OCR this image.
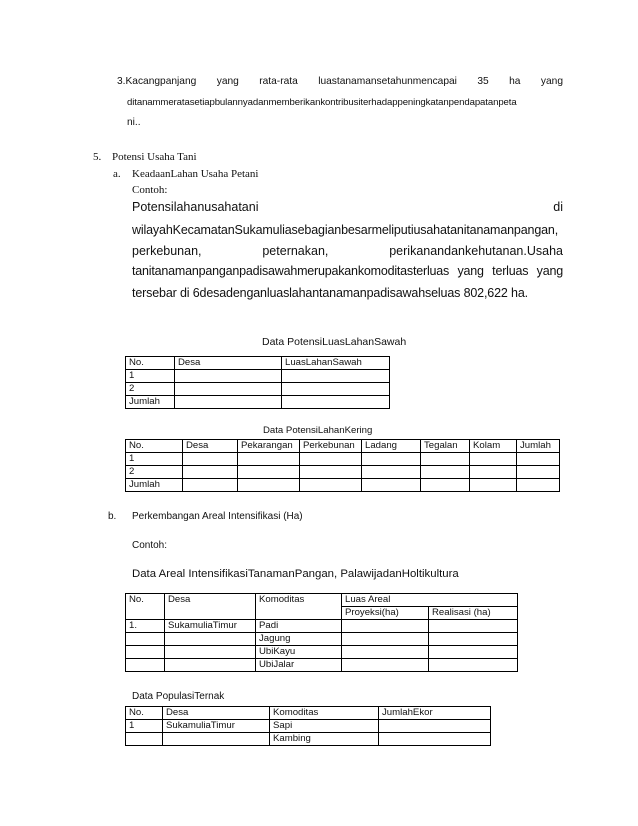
3.Kacangpanjang yang rata-rata luastanamansetahunmencapai 35 ha yang
ditanammeratasetiapbulannyadanmemberikankontribusiterhadappeningkatanpendapatanpeta
ni..
5. Potensi Usaha Tani
a. KeadaanLahan Usaha Petani
Contoh:
Potensilahanusahatani	di
wilayahKecamatanSukamuliasebagianbesarmeliputiusahatanitanamanpangan,
perkebunan,	peternakan,	perikanandankehutanan.Usaha
tanitanamanpanganpadisawahmerupakankomoditasterluas yang terluas yang
tersebar di 6desadenganluaslahantanamanpadisawahseluas 802,622 ha.
Data PotensiLuasLahanSawah
No.	Desa	LuasLahanSawah
1		
2		
Jumlah		
Data PotensiLahanKering
No.	Desa	Pekarangan	Perkebunan	Ladang	Tegalan	Kolam	Jumlah
1							
2							
Jumlah							
b. Perkembangan Areal Intensifikasi (Ha)
Contoh:
Data Areal IntensifikasiTanamanPangan, PalawijadanHoltikultura
No.	Desa	Komoditas	Luas Areal	
			Proyeksi(ha)	Realisasi (ha)
1.	SukamuliaTimur	Padi		
		Jagung		
		UbiKayu		
		UbiJalar		
Data PopulasiTernak
No.	Desa	Komoditas	JumlahEkor
1	SukamuliaTimur	Sapi	
		Kambing	
